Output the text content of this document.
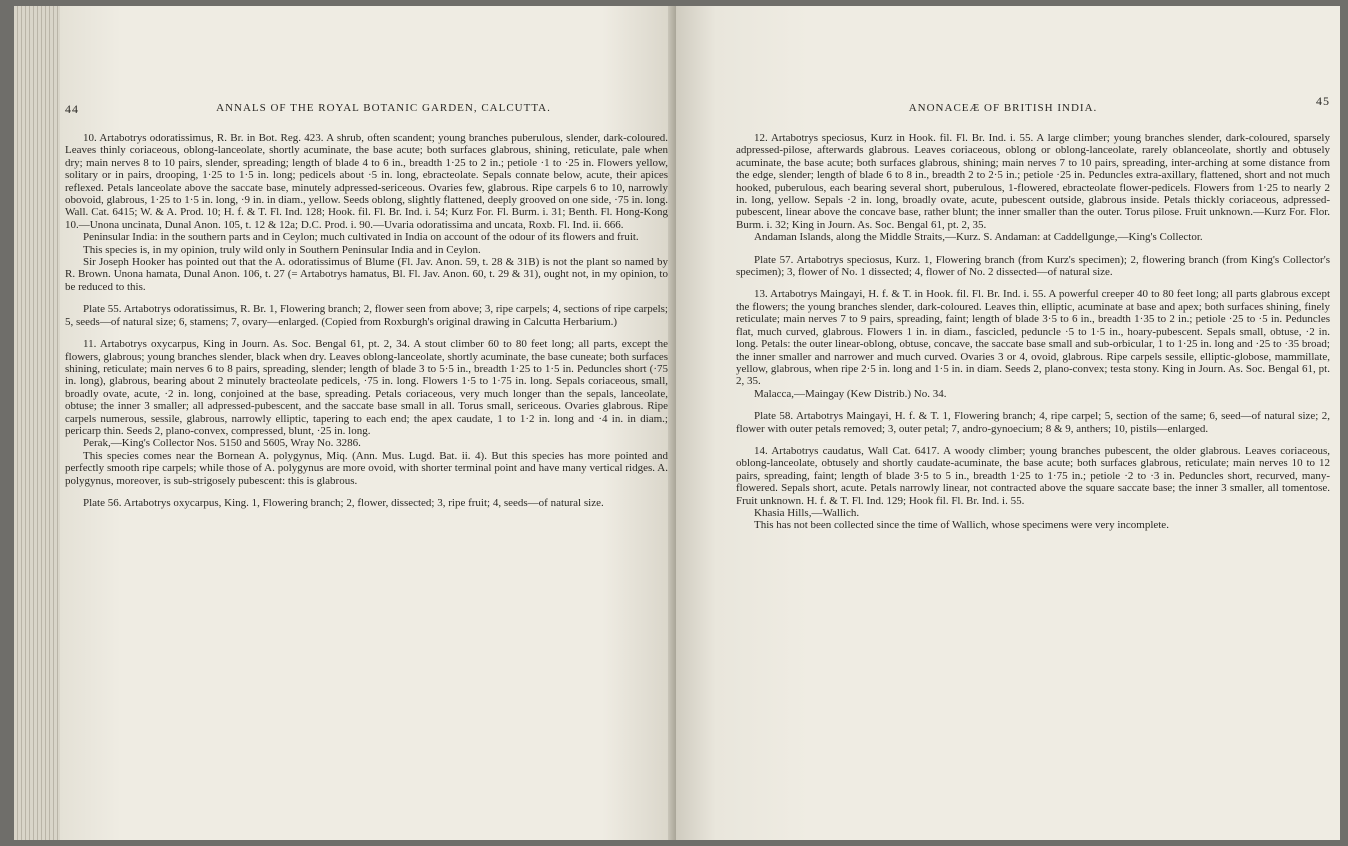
44	ANNALS OF THE ROYAL BOTANIC GARDEN, CALCUTTA.

10. Artabotrys odoratissimus, R. Br. in Bot. Reg. 423. A shrub, often scandent; young branches puberulous, slender, dark-coloured. Leaves thinly coriaceous, oblong-lanceolate, shortly acuminate, the base acute; both surfaces glabrous, shining, reticulate, pale when dry; main nerves 8 to 10 pairs, slender, spreading; length of blade 4 to 6 in., breadth 1·25 to 2 in.; petiole ·1 to ·25 in. Flowers yellow, solitary or in pairs, drooping, 1·25 to 1·5 in. long; pedicels about ·5 in. long, ebracteolate. Sepals connate below, acute, their apices reflexed. Petals lanceolate above the saccate base, minutely adpressed-sericeous. Ovaries few, glabrous. Ripe carpels 6 to 10, narrowly obovoid, glabrous, 1·25 to 1·5 in. long, ·9 in. in diam., yellow. Seeds oblong, slightly flattened, deeply grooved on one side, ·75 in. long. Wall. Cat. 6415; W. & A. Prod. 10; H. f. & T. Fl. Ind. 128; Hook. fil. Fl. Br. Ind. i. 54; Kurz For. Fl. Burm. i. 31; Benth. Fl. Hong-Kong 10.—Unona uncinata, Dunal Anon. 105, t. 12 & 12a; D.C. Prod. i. 90.—Uvaria odoratissima and uncata, Roxb. Fl. Ind. ii. 666.

Peninsular India: in the southern parts and in Ceylon; much cultivated in India on account of the odour of its flowers and fruit.

This species is, in my opinion, truly wild only in Southern Peninsular India and in Ceylon.

Sir Joseph Hooker has pointed out that the A. odoratissimus of Blume (Fl. Jav. Anon. 59, t. 28 & 31B) is not the plant so named by R. Brown. Unona hamata, Dunal Anon. 106, t. 27 (= Artabotrys hamatus, Bl. Fl. Jav. Anon. 60, t. 29 & 31), ought not, in my opinion, to be reduced to this.

Plate 55. Artabotrys odoratissimus, R. Br. 1, Flowering branch; 2, flower seen from above; 3, ripe carpels; 4, sections of ripe carpels; 5, seeds—of natural size; 6, stamens; 7, ovary—enlarged. (Copied from Roxburgh's original drawing in Calcutta Herbarium.)

11. Artabotrys oxycarpus, King in Journ. As. Soc. Bengal 61, pt. 2, 34. A stout climber 60 to 80 feet long; all parts, except the flowers, glabrous; young branches slender, black when dry. Leaves oblong-lanceolate, shortly acuminate, the base cuneate; both surfaces shining, reticulate; main nerves 6 to 8 pairs, spreading, slender; length of blade 3 to 5·5 in., breadth 1·25 to 1·5 in. Peduncles short (·75 in. long), glabrous, bearing about 2 minutely bracteolate pedicels, ·75 in. long. Flowers 1·5 to 1·75 in. long. Sepals coriaceous, small, broadly ovate, acute, ·2 in. long, conjoined at the base, spreading. Petals coriaceous, very much longer than the sepals, lanceolate, obtuse; the inner 3 smaller; all adpressed-pubescent, and the saccate base small in all. Torus small, sericeous. Ovaries glabrous. Ripe carpels numerous, sessile, glabrous, narrowly elliptic, tapering to each end; the apex caudate, 1 to 1·2 in. long and ·4 in. in diam.; pericarp thin. Seeds 2, plano-convex, compressed, blunt, ·25 in. long.

Perak,—King's Collector Nos. 5150 and 5605, Wray No. 3286.

This species comes near the Bornean A. polygynus, Miq. (Ann. Mus. Lugd. Bat. ii. 4). But this species has more pointed and perfectly smooth ripe carpels; while those of A. polygynus are more ovoid, with shorter terminal point and have many vertical ridges. A. polygynus, moreover, is sub-strigosely pubescent: this is glabrous.

Plate 56. Artabotrys oxycarpus, King. 1, Flowering branch; 2, flower, dissected; 3, ripe fruit; 4, seeds—of natural size.

ANONACEÆ OF BRITISH INDIA.	45

12. Artabotrys speciosus, Kurz in Hook. fil. Fl. Br. Ind. i. 55. A large climber; young branches slender, dark-coloured, sparsely adpressed-pilose, afterwards glabrous. Leaves coriaceous, oblong or oblong-lanceolate, rarely oblanceolate, shortly and obtusely acuminate, the base acute; both surfaces glabrous, shining; main nerves 7 to 10 pairs, spreading, inter-arching at some distance from the edge, slender; length of blade 6 to 8 in., breadth 2 to 2·5 in.; petiole ·25 in. Peduncles extra-axillary, flattened, short and not much hooked, puberulous, each bearing several short, puberulous, 1-flowered, ebracteolate flower-pedicels. Flowers from 1·25 to nearly 2 in. long, yellow. Sepals ·2 in. long, broadly ovate, acute, pubescent outside, glabrous inside. Petals thickly coriaceous, adpressed-pubescent, linear above the concave base, rather blunt; the inner smaller than the outer. Torus pilose. Fruit unknown.—Kurz For. Flor. Burm. i. 32; King in Journ. As. Soc. Bengal 61, pt. 2, 35.

Andaman Islands, along the Middle Straits,—Kurz. S. Andaman: at Caddellgunge,—King's Collector.

Plate 57. Artabotrys speciosus, Kurz. 1, Flowering branch (from Kurz's specimen); 2, flowering branch (from King's Collector's specimen); 3, flower of No. 1 dissected; 4, flower of No. 2 dissected—of natural size.

13. Artabotrys Maingayi, H. f. & T. in Hook. fil. Fl. Br. Ind. i. 55. A powerful creeper 40 to 80 feet long; all parts glabrous except the flowers; the young branches slender, dark-coloured. Leaves thin, elliptic, acuminate at base and apex; both surfaces shining, finely reticulate; main nerves 7 to 9 pairs, spreading, faint; length of blade 3·5 to 6 in., breadth 1·35 to 2 in.; petiole ·25 to ·5 in. Peduncles flat, much curved, glabrous. Flowers 1 in. in diam., fascicled, peduncle ·5 to 1·5 in., hoary-pubescent. Sepals small, obtuse, ·2 in. long. Petals: the outer linear-oblong, obtuse, concave, the saccate base small and sub-orbicular, 1 to 1·25 in. long and ·25 to ·35 broad; the inner smaller and narrower and much curved. Ovaries 3 or 4, ovoid, glabrous. Ripe carpels sessile, elliptic-globose, mammillate, yellow, glabrous, when ripe 2·5 in. long and 1·5 in. in diam. Seeds 2, plano-convex; testa stony. King in Journ. As. Soc. Bengal 61, pt. 2, 35.

Malacca,—Maingay (Kew Distrib.) No. 34.

Plate 58. Artabotrys Maingayi, H. f. & T. 1, Flowering branch; 4, ripe carpel; 5, section of the same; 6, seed—of natural size; 2, flower with outer petals removed; 3, outer petal; 7, andro-gynoecium; 8 & 9, anthers; 10, pistils—enlarged.

14. Artabotrys caudatus, Wall Cat. 6417. A woody climber; young branches pubescent, the older glabrous. Leaves coriaceous, oblong-lanceolate, obtusely and shortly caudate-acuminate, the base acute; both surfaces glabrous, reticulate; main nerves 10 to 12 pairs, spreading, faint; length of blade 3·5 to 5 in., breadth 1·25 to 1·75 in.; petiole ·2 to ·3 in. Peduncles short, recurved, many-flowered. Sepals short, acute. Petals narrowly linear, not contracted above the square saccate base; the inner 3 smaller, all tomentose. Fruit unknown. H. f. & T. Fl. Ind. 129; Hook fil. Fl. Br. Ind. i. 55.

Khasia Hills,—Wallich.

This has not been collected since the time of Wallich, whose specimens were very incomplete.
